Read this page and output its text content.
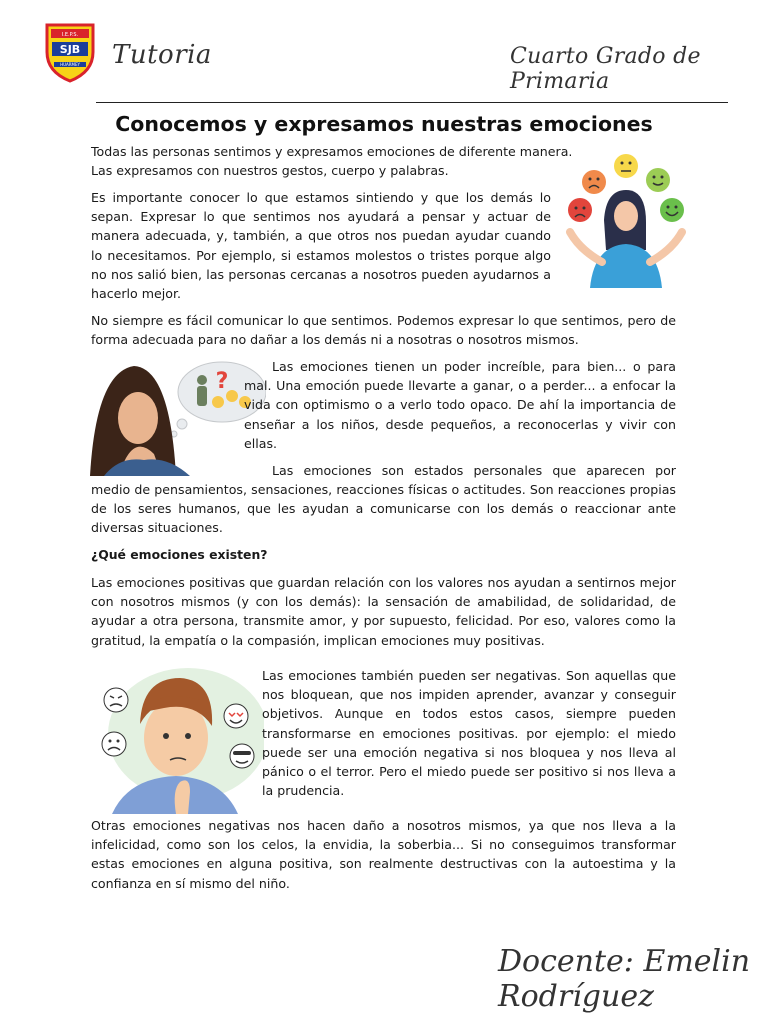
I.E.P.S.
SJB
HUARMEY Tutoria	Cuarto Grado de Primaria
Conocemos y expresamos nuestras emociones

Todas las personas sentimos y expresamos emociones de diferente manera.

Las expresamos con nuestros gestos, cuerpo y palabras.

Es importante conocer lo que estamos sintiendo y que los demás lo sepan. Expresar lo que sentimos nos ayudará a pensar y actuar de manera adecuada, y, también, a que otros nos puedan ayudar cuando lo necesitamos. Por ejemplo, si estamos molestos o tristes porque algo no nos salió bien, las personas cercanas a nosotros pueden ayudarnos a hacerlo mejor.

No siempre es fácil comunicar lo que sentimos. Podemos expresar lo que sentimos, pero de forma adecuada para no dañar a los demás ni a nosotras o nosotros mismos.

?

Las emociones tienen un poder increíble, para bien... o para mal. Una emoción puede llevarte a ganar, o a perder... a enfocar la vida con optimismo o a verlo todo opaco. De ahí la importancia de enseñar a los niños, desde pequeños, a reconocerlas y vivir con ellas.

Las emociones son estados personales que aparecen por

medio de pensamientos, sensaciones, reacciones físicas o actitudes. Son reacciones propias de los seres humanos, que les ayudan a comunicarse con los demás o reaccionar ante diversas situaciones.

¿Qué emociones existen?

Las emociones positivas que guardan relación con los valores nos ayudan a sentirnos mejor con nosotros mismos (y con los demás): la sensación de amabilidad, de solidaridad, de ayudar a otra persona, transmite amor, y por supuesto, felicidad. Por eso, valores como la gratitud, la empatía o la compasión, implican emociones muy positivas.

Las emociones también pueden ser negativas. Son aquellas que nos bloquean, que nos impiden aprender, avanzar y conseguir objetivos. Aunque en todos estos casos, siempre pueden transformarse en emociones positivas. por ejemplo: el miedo puede ser una emoción negativa si nos bloquea y nos lleva al pánico o el terror. Pero el miedo puede ser positivo si nos lleva a la prudencia.

Otras emociones negativas nos hacen daño a nosotros mismos, ya que nos lleva a la infelicidad, como son los celos, la envidia, la soberbia... Si no conseguimos transformar estas emociones en alguna positiva, son realmente destructivas con la autoestima y la confianza en sí mismo del niño.

Docente: Emelin Rodríguez
